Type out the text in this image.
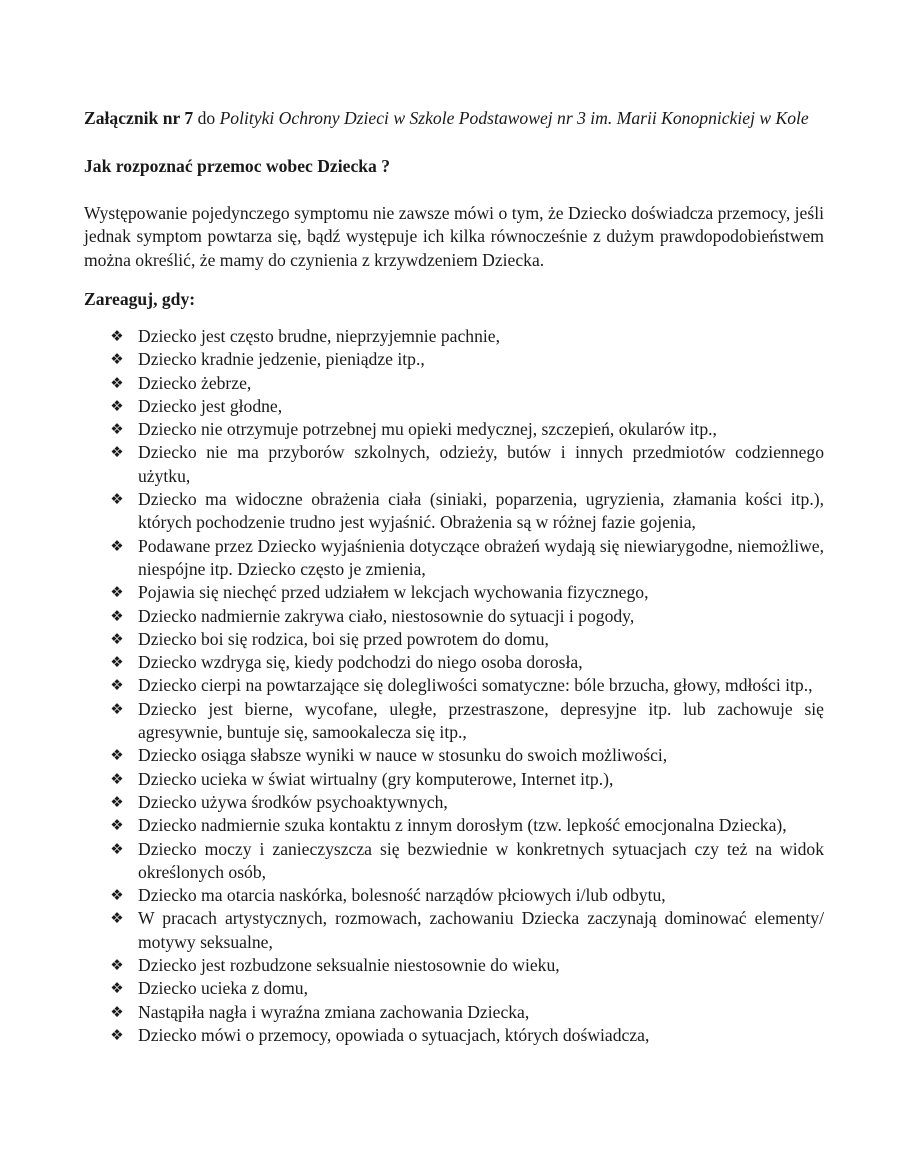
Załącznik nr 7 do Polityki Ochrony Dzieci w Szkole Podstawowej nr 3 im. Marii Konopnickiej w Kole
Jak rozpoznać przemoc wobec Dziecka ?
Występowanie pojedynczego symptomu nie zawsze mówi o tym, że Dziecko doświadcza przemocy, jeśli jednak symptom powtarza się, bądź występuje ich kilka równocześnie z dużym prawdopodobieństwem można określić, że mamy do czynienia z krzywdzeniem Dziecka.
Zareaguj, gdy:
❖ Dziecko jest często brudne, nieprzyjemnie pachnie,
❖ Dziecko kradnie jedzenie, pieniądze itp.,
❖ Dziecko żebrze,
❖ Dziecko jest głodne,
❖ Dziecko nie otrzymuje potrzebnej mu opieki medycznej, szczepień, okularów itp.,
❖ Dziecko nie ma przyborów szkolnych, odzieży, butów i innych przedmiotów codziennego użytku,
❖ Dziecko ma widoczne obrażenia ciała (siniaki, poparzenia, ugryzienia, złamania kości itp.), których pochodzenie trudno jest wyjaśnić. Obrażenia są w różnej fazie gojenia,
❖ Podawane przez Dziecko wyjaśnienia dotyczące obrażeń wydają się niewiarygodne, niemożliwe, niespójne itp. Dziecko często je zmienia,
❖ Pojawia się niechęć przed udziałem w lekcjach wychowania fizycznego,
❖ Dziecko nadmiernie zakrywa ciało, niestosownie do sytuacji i pogody,
❖ Dziecko boi się rodzica, boi się przed powrotem do domu,
❖ Dziecko wzdryga się, kiedy podchodzi do niego osoba dorosła,
❖ Dziecko cierpi na powtarzające się dolegliwości somatyczne: bóle brzucha, głowy, mdłości itp.,
❖ Dziecko jest bierne, wycofane, uległe, przestraszone, depresyjne itp. lub zachowuje się agresywnie, buntuje się, samookalecza się itp.,
❖ Dziecko osiąga słabsze wyniki w nauce w stosunku do swoich możliwości,
❖ Dziecko ucieka w świat wirtualny (gry komputerowe, Internet itp.),
❖ Dziecko używa środków psychoaktywnych,
❖ Dziecko nadmiernie szuka kontaktu z innym dorosłym (tzw. lepkość emocjonalna Dziecka),
❖ Dziecko moczy i zanieczyszcza się bezwiednie w konkretnych sytuacjach czy też na widok określonych osób,
❖ Dziecko ma otarcia naskórka, bolesność narządów płciowych i/lub odbytu,
❖ W pracach artystycznych, rozmowach, zachowaniu Dziecka zaczynają dominować elementy/ motywy seksualne,
❖ Dziecko jest rozbudzone seksualnie niestosownie do wieku,
❖ Dziecko ucieka z domu,
❖ Nastąpiła nagła i wyraźna zmiana zachowania Dziecka,
❖ Dziecko mówi o przemocy, opowiada o sytuacjach, których doświadcza,
